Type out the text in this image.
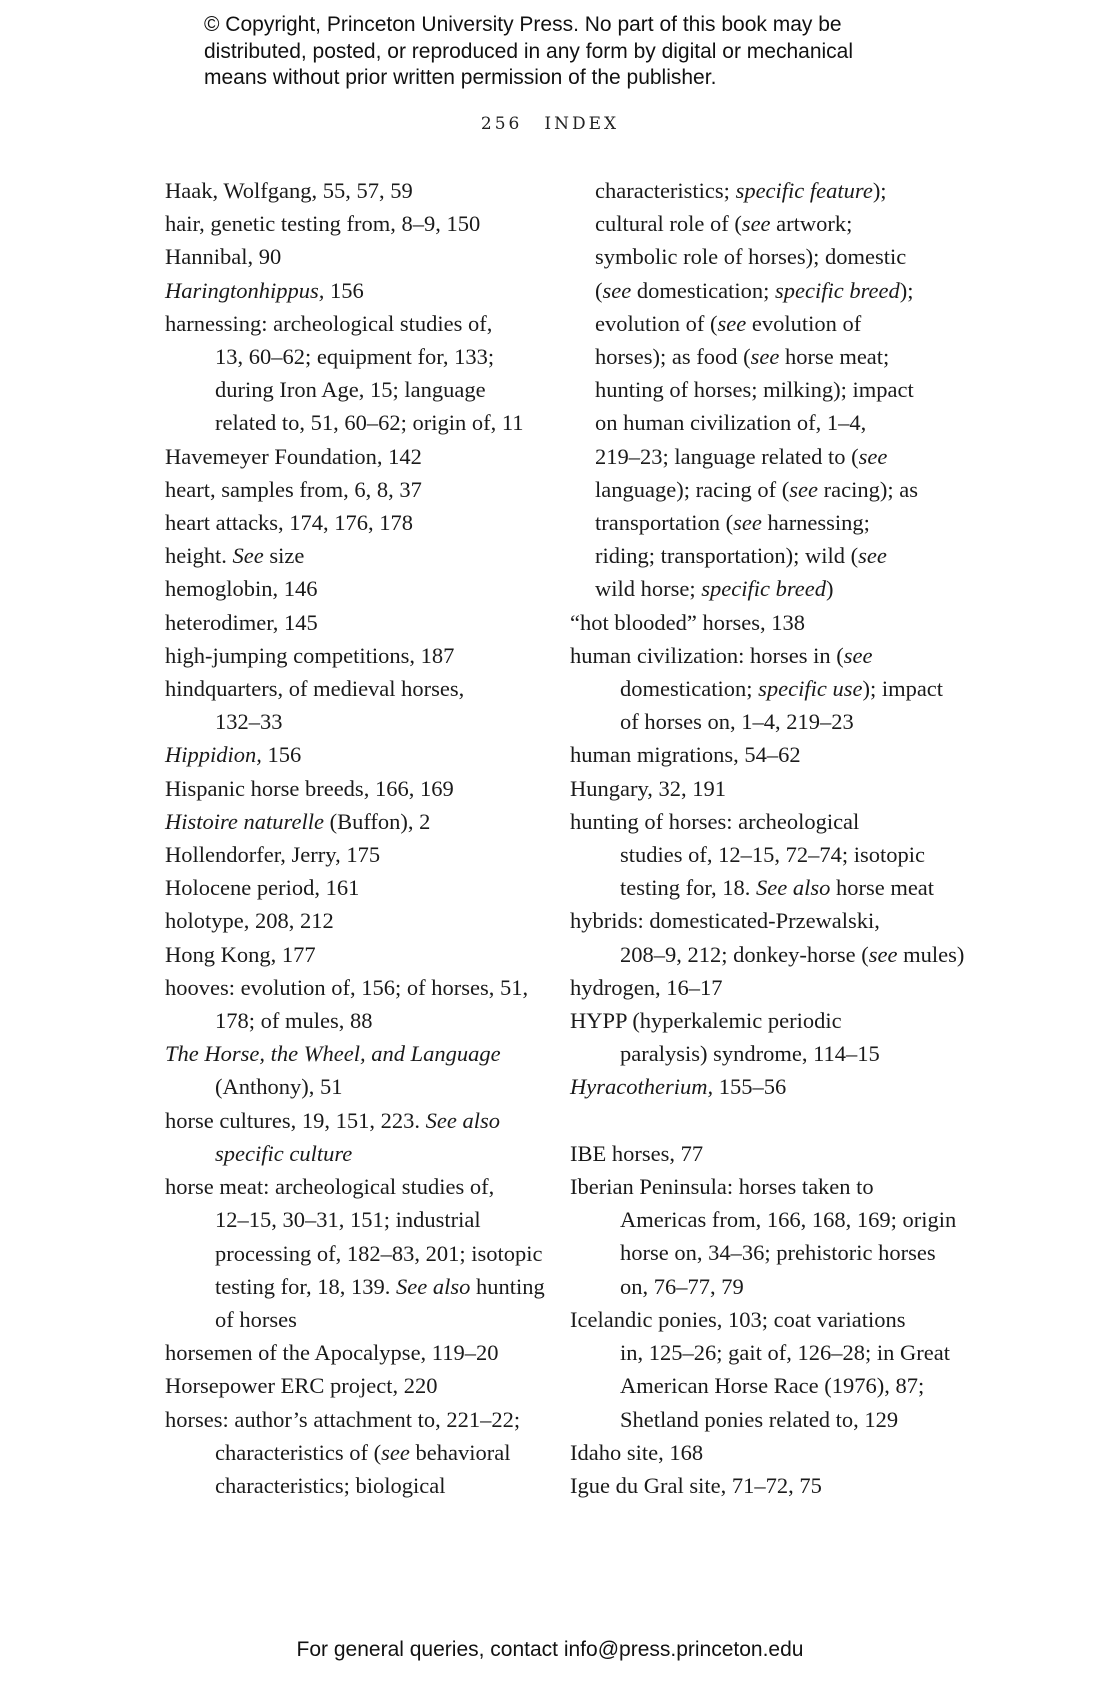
© Copyright, Princeton University Press. No part of this book may be
distributed, posted, or reproduced in any form by digital or mechanical
means without prior written permission of the publisher.
256 INDEX
Haak, Wolfgang, 55, 57, 59
hair, genetic testing from, 8–9, 150
Hannibal, 90
Haringtonhippus, 156
harnessing: archeological studies of,
13, 60–62; equipment for, 133;
during Iron Age, 15; language
related to, 51, 60–62; origin of, 11
Havemeyer Foundation, 142
heart, samples from, 6, 8, 37
heart attacks, 174, 176, 178
height. See size
hemoglobin, 146
heterodimer, 145
high-jumping competitions, 187
hindquarters, of medieval horses,
132–33
Hippidion, 156
Hispanic horse breeds, 166, 169
Histoire naturelle (Buffon), 2
Hollendorfer, Jerry, 175
Holocene period, 161
holotype, 208, 212
Hong Kong, 177
hooves: evolution of, 156; of horses, 51,
178; of mules, 88
The Horse, the Wheel, and Language
(Anthony), 51
horse cultures, 19, 151, 223. See also
specific culture
horse meat: archeological studies of,
12–15, 30–31, 151; industrial
processing of, 182–83, 201; isotopic
testing for, 18, 139. See also hunting
of horses
horsemen of the Apocalypse, 119–20
Horsepower ERC project, 220
horses: author’s attachment to, 221–22;
characteristics of (see behavioral
characteristics; biological
characteristics; specific feature);
cultural role of (see artwork;
symbolic role of horses); domestic
(see domestication; specific breed);
evolution of (see evolution of
horses); as food (see horse meat;
hunting of horses; milking); impact
on human civilization of, 1–4,
219–23; language related to (see
language); racing of (see racing); as
transportation (see harnessing;
riding; transportation); wild (see
wild horse; specific breed)
“hot blooded” horses, 138
human civilization: horses in (see
domestication; specific use); impact
of horses on, 1–4, 219–23
human migrations, 54–62
Hungary, 32, 191
hunting of horses: archeological
studies of, 12–15, 72–74; isotopic
testing for, 18. See also horse meat
hybrids: domesticated-Przewalski,
208–9, 212; donkey-horse (see mules)
hydrogen, 16–17
HYPP (hyperkalemic periodic
paralysis) syndrome, 114–15
Hyracotherium, 155–56
IBE horses, 77
Iberian Peninsula: horses taken to
Americas from, 166, 168, 169; origin
horse on, 34–36; prehistoric horses
on, 76–77, 79
Icelandic ponies, 103; coat variations
in, 125–26; gait of, 126–28; in Great
American Horse Race (1976), 87;
Shetland ponies related to, 129
Idaho site, 168
Igue du Gral site, 71–72, 75
For general queries, contact info@press.princeton.edu
